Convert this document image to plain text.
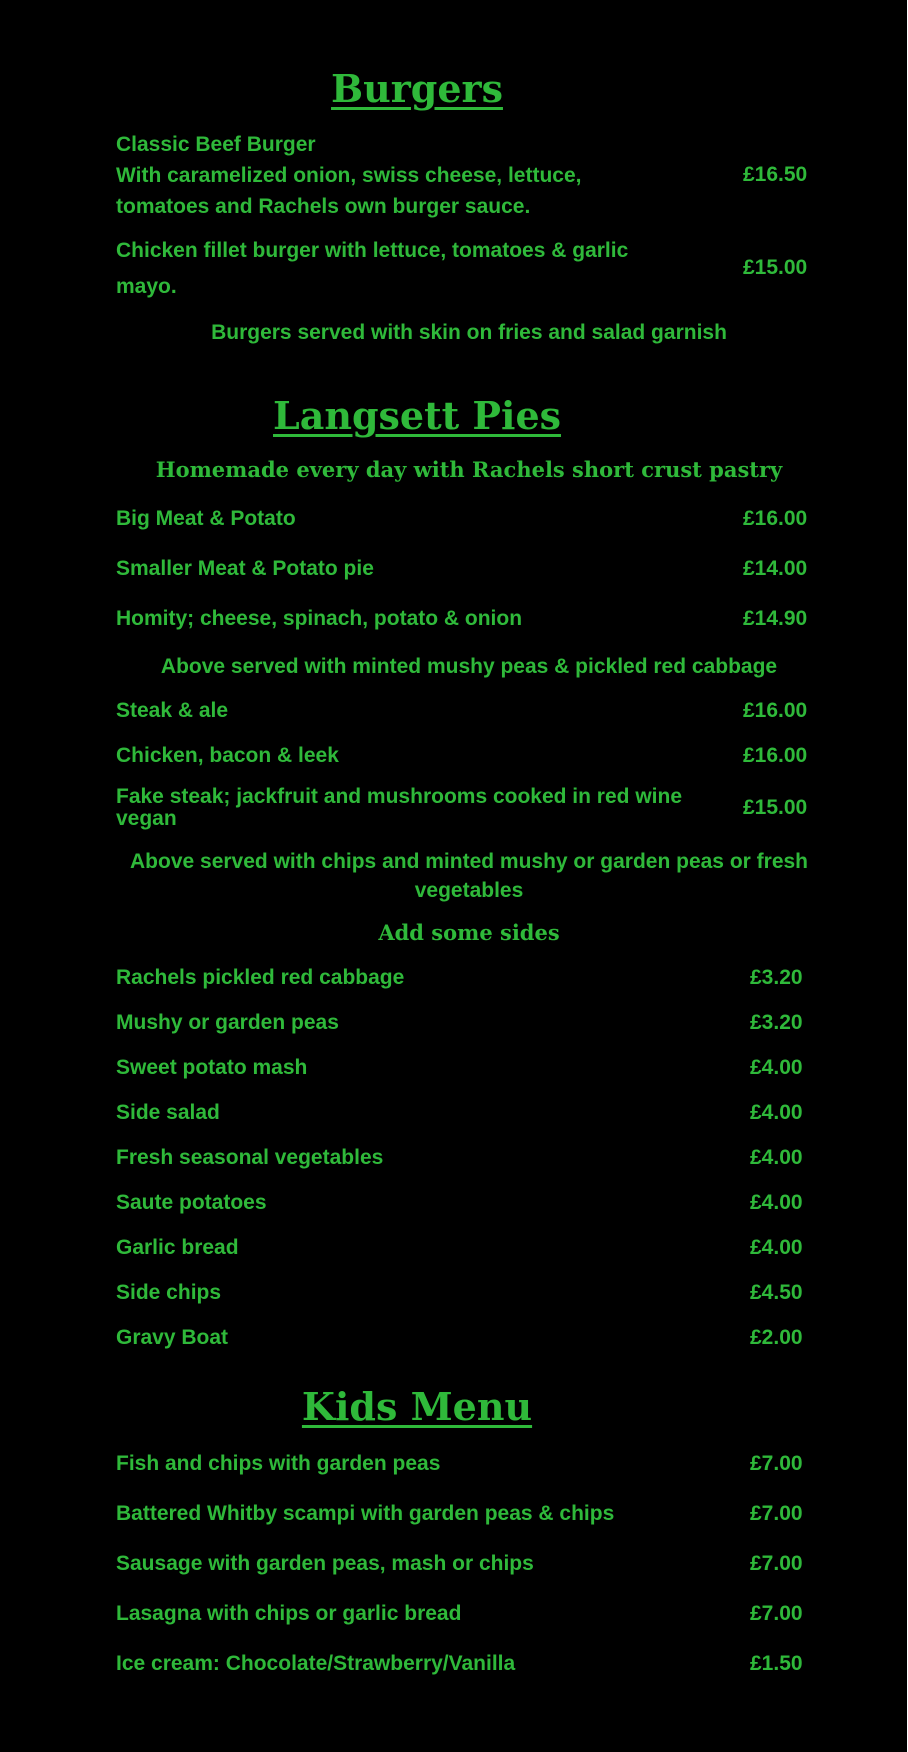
Burgers
Classic Beef Burger
With caramelized onion, swiss cheese, lettuce,
tomatoes and Rachels own burger sauce.
£16.50
Chicken fillet burger with lettuce, tomatoes & garlic
mayo.
£15.00
Burgers served with skin on fries and salad garnish
Langsett Pies
Homemade every day with Rachels short crust pastry
Big Meat & Potato	£16.00
Smaller Meat & Potato pie	£14.00
Homity; cheese, spinach, potato & onion	£14.90
Above served with minted mushy peas & pickled red cabbage
Steak & ale	£16.00
Chicken, bacon & leek	£16.00
Fake steak; jackfruit and mushrooms cooked in red wine
vegan	£15.00
Above served with chips and minted mushy or garden peas or fresh
vegetables
Add some sides
Rachels pickled red cabbage	£3.20
Mushy or garden peas	£3.20
Sweet potato mash	£4.00
Side salad	£4.00
Fresh seasonal vegetables	£4.00
Saute potatoes	£4.00
Garlic bread	£4.00
Side chips	£4.50
Gravy Boat	£2.00
Kids Menu
Fish and chips with garden peas	£7.00
Battered Whitby scampi with garden peas & chips	£7.00
Sausage with garden peas, mash or chips	£7.00
Lasagna with chips or garlic bread	£7.00
Ice cream: Chocolate/Strawberry/Vanilla	£1.50
